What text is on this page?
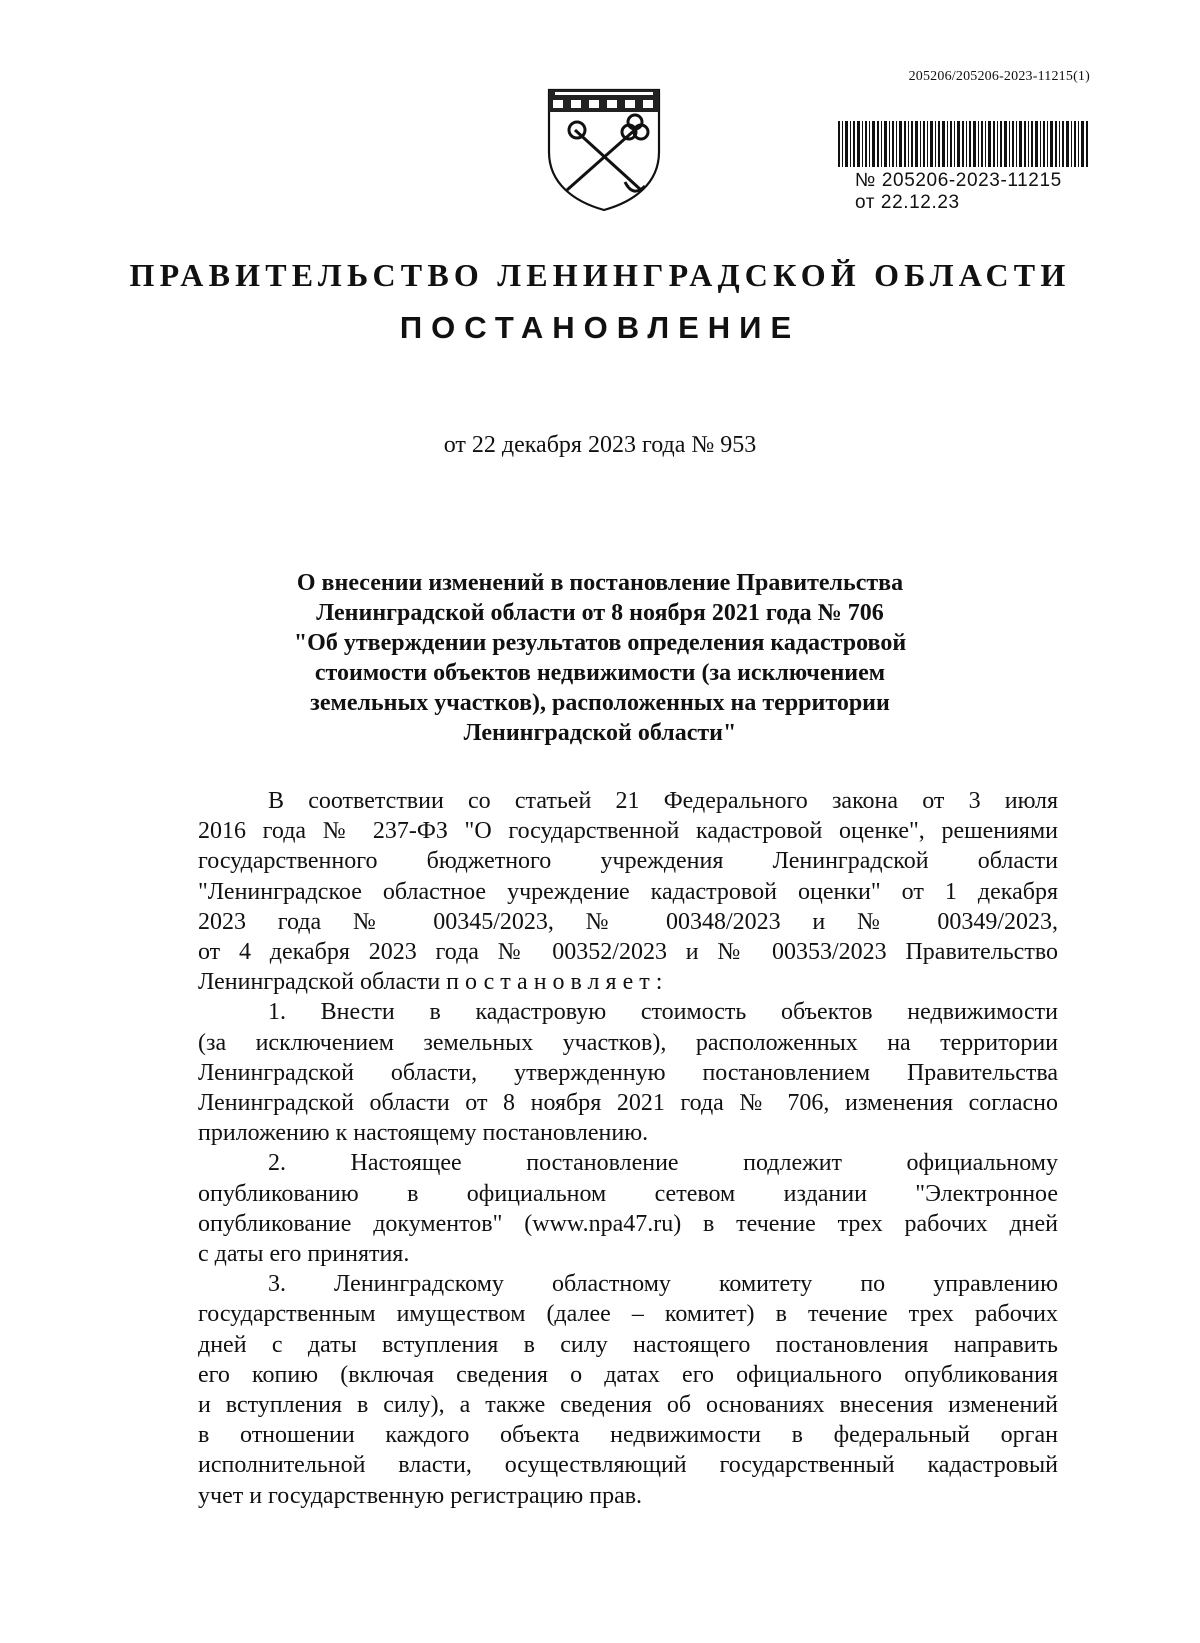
205206/205206-2023-11215(1)
№ 205206-2023-11215
от 22.12.23
ПРАВИТЕЛЬСТВО ЛЕНИНГРАДСКОЙ ОБЛАСТИ
ПОСТАНОВЛЕНИЕ
от 22 декабря 2023 года № 953
О внесении изменений в постановление Правительства
Ленинградской области от 8 ноября 2021 года № 706
"Об утверждении результатов определения кадастровой
стоимости объектов недвижимости (за исключением
земельных участков), расположенных на территории
Ленинградской области"
В соответствии со статьей 21 Федерального закона от 3 июля
2016 года № 237-ФЗ "О государственной кадастровой оценке", решениями
государственного бюджетного учреждения Ленинградской области
"Ленинградское областное учреждение кадастровой оценки" от 1 декабря
2023 года № 00345/2023, № 00348/2023 и № 00349/2023,
от 4 декабря 2023 года № 00352/2023 и № 00353/2023 Правительство
Ленинградской области постановляет:
1. Внести в кадастровую стоимость объектов недвижимости
(за исключением земельных участков), расположенных на территории
Ленинградской области, утвержденную постановлением Правительства
Ленинградской области от 8 ноября 2021 года № 706, изменения согласно
приложению к настоящему постановлению.
2. Настоящее постановление подлежит официальному
опубликованию в официальном сетевом издании "Электронное
опубликование документов" (www.npa47.ru) в течение трех рабочих дней
с даты его принятия.
3. Ленинградскому областному комитету по управлению
государственным имуществом (далее – комитет) в течение трех рабочих
дней с даты вступления в силу настоящего постановления направить
его копию (включая сведения о датах его официального опубликования
и вступления в силу), а также сведения об основаниях внесения изменений
в отношении каждого объекта недвижимости в федеральный орган
исполнительной власти, осуществляющий государственный кадастровый
учет и государственную регистрацию прав.
